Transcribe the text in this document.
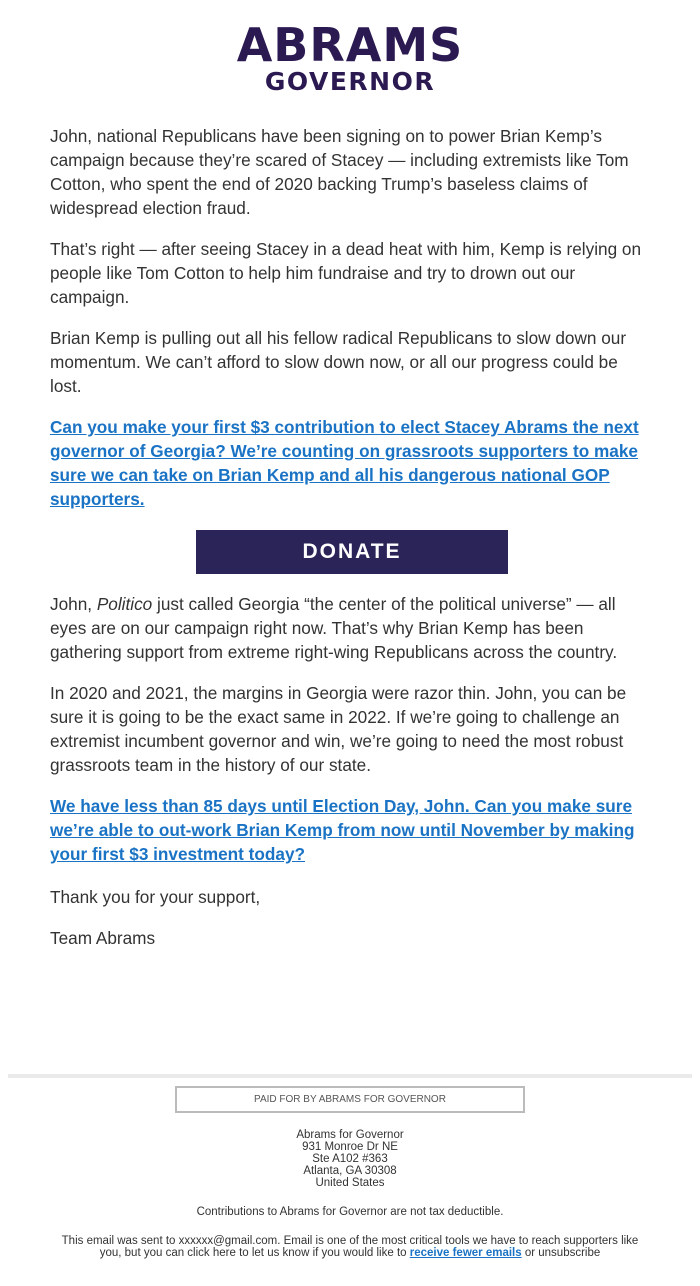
ABRAMS
GOVERNOR

John, national Republicans have been signing on to power Brian Kemp’s campaign because they’re scared of Stacey — including extremists like Tom Cotton, who spent the end of 2020 backing Trump’s baseless claims of widespread election fraud.

That’s right — after seeing Stacey in a dead heat with him, Kemp is relying on people like Tom Cotton to help him fundraise and try to drown out our campaign.

Brian Kemp is pulling out all his fellow radical Republicans to slow down our momentum. We can’t afford to slow down now, or all our progress could be lost.

Can you make your first $3 contribution to elect Stacey Abrams the next governor of Georgia? We’re counting on grassroots supporters to make sure we can take on Brian Kemp and all his dangerous national GOP supporters.

DONATE

John, Politico just called Georgia “the center of the political universe” — all eyes are on our campaign right now. That’s why Brian Kemp has been gathering support from extreme right-wing Republicans across the country.

In 2020 and 2021, the margins in Georgia were razor thin. John, you can be sure it is going to be the exact same in 2022. If we’re going to challenge an extremist incumbent governor and win, we’re going to need the most robust grassroots team in the history of our state.

We have less than 85 days until Election Day, John. Can you make sure we’re able to out-work Brian Kemp from now until November by making your first $3 investment today?

Thank you for your support,

Team Abrams

PAID FOR BY ABRAMS FOR GOVERNOR
Abrams for Governor
931 Monroe Dr NE
Ste A102 #363
Atlanta, GA 30308
United States
Contributions to Abrams for Governor are not tax deductible.
This email was sent to xxxxxx@gmail.com. Email is one of the most critical tools we have to reach supporters like you, but you can click here to let us know if you would like to receive fewer emails or unsubscribe
